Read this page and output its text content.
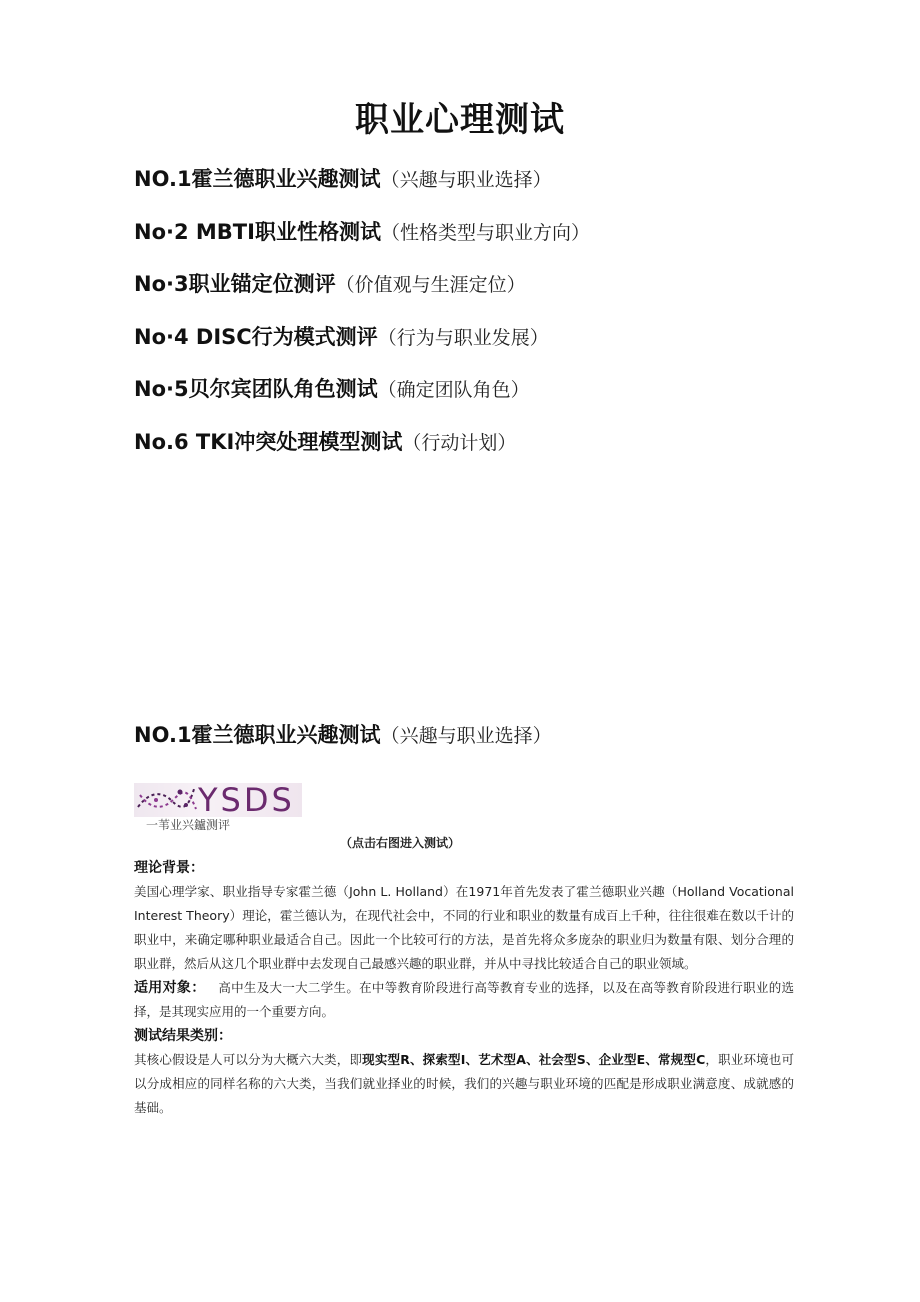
职业心理测试
NO.1霍兰德职业兴趣测试（兴趣与职业选择）
No·2 MBTI职业性格测试（性格类型与职业方向）
No·3职业锚定位测评（价值观与生涯定位）
No·4 DISC行为模式测评（行为与职业发展）
No·5贝尔宾团队角色测试（确定团队角色）
No.6 TKI冲突处理模型测试（行动计划）
NO.1霍兰德职业兴趣测试（兴趣与职业选择）
YSDS
一苇业兴鑪测评
（点击右图进入测试）
理论背景：

美国心理学家、职业指导专家霍兰德（John L. Holland）在1971年首先发表了霍兰德职业兴趣（Holland Vocational Interest Theory）理论，霍兰德认为，在现代社会中，不同的行业和职业的数量有成百上千种，往往很难在数以千计的职业中，来确定哪种职业最适合自己。因此一个比较可行的方法，是首先将众多庞杂的职业归为数量有限、划分合理的职业群，然后从这几个职业群中去发现自己最感兴趣的职业群，并从中寻找比较适合自己的职业领域。

适用对象： 高中生及大一大二学生。在中等教育阶段进行高等教育专业的选择，以及在高等教育阶段进行职业的选择，是其现实应用的一个重要方向。

测试结果类别：

其核心假设是人可以分为大概六大类，即现实型R、探索型I、艺术型A、社会型S、企业型E、常规型C，职业环境也可以分成相应的同样名称的六大类，当我们就业择业的时候，我们的兴趣与职业环境的匹配是形成职业满意度、成就感的基础。
